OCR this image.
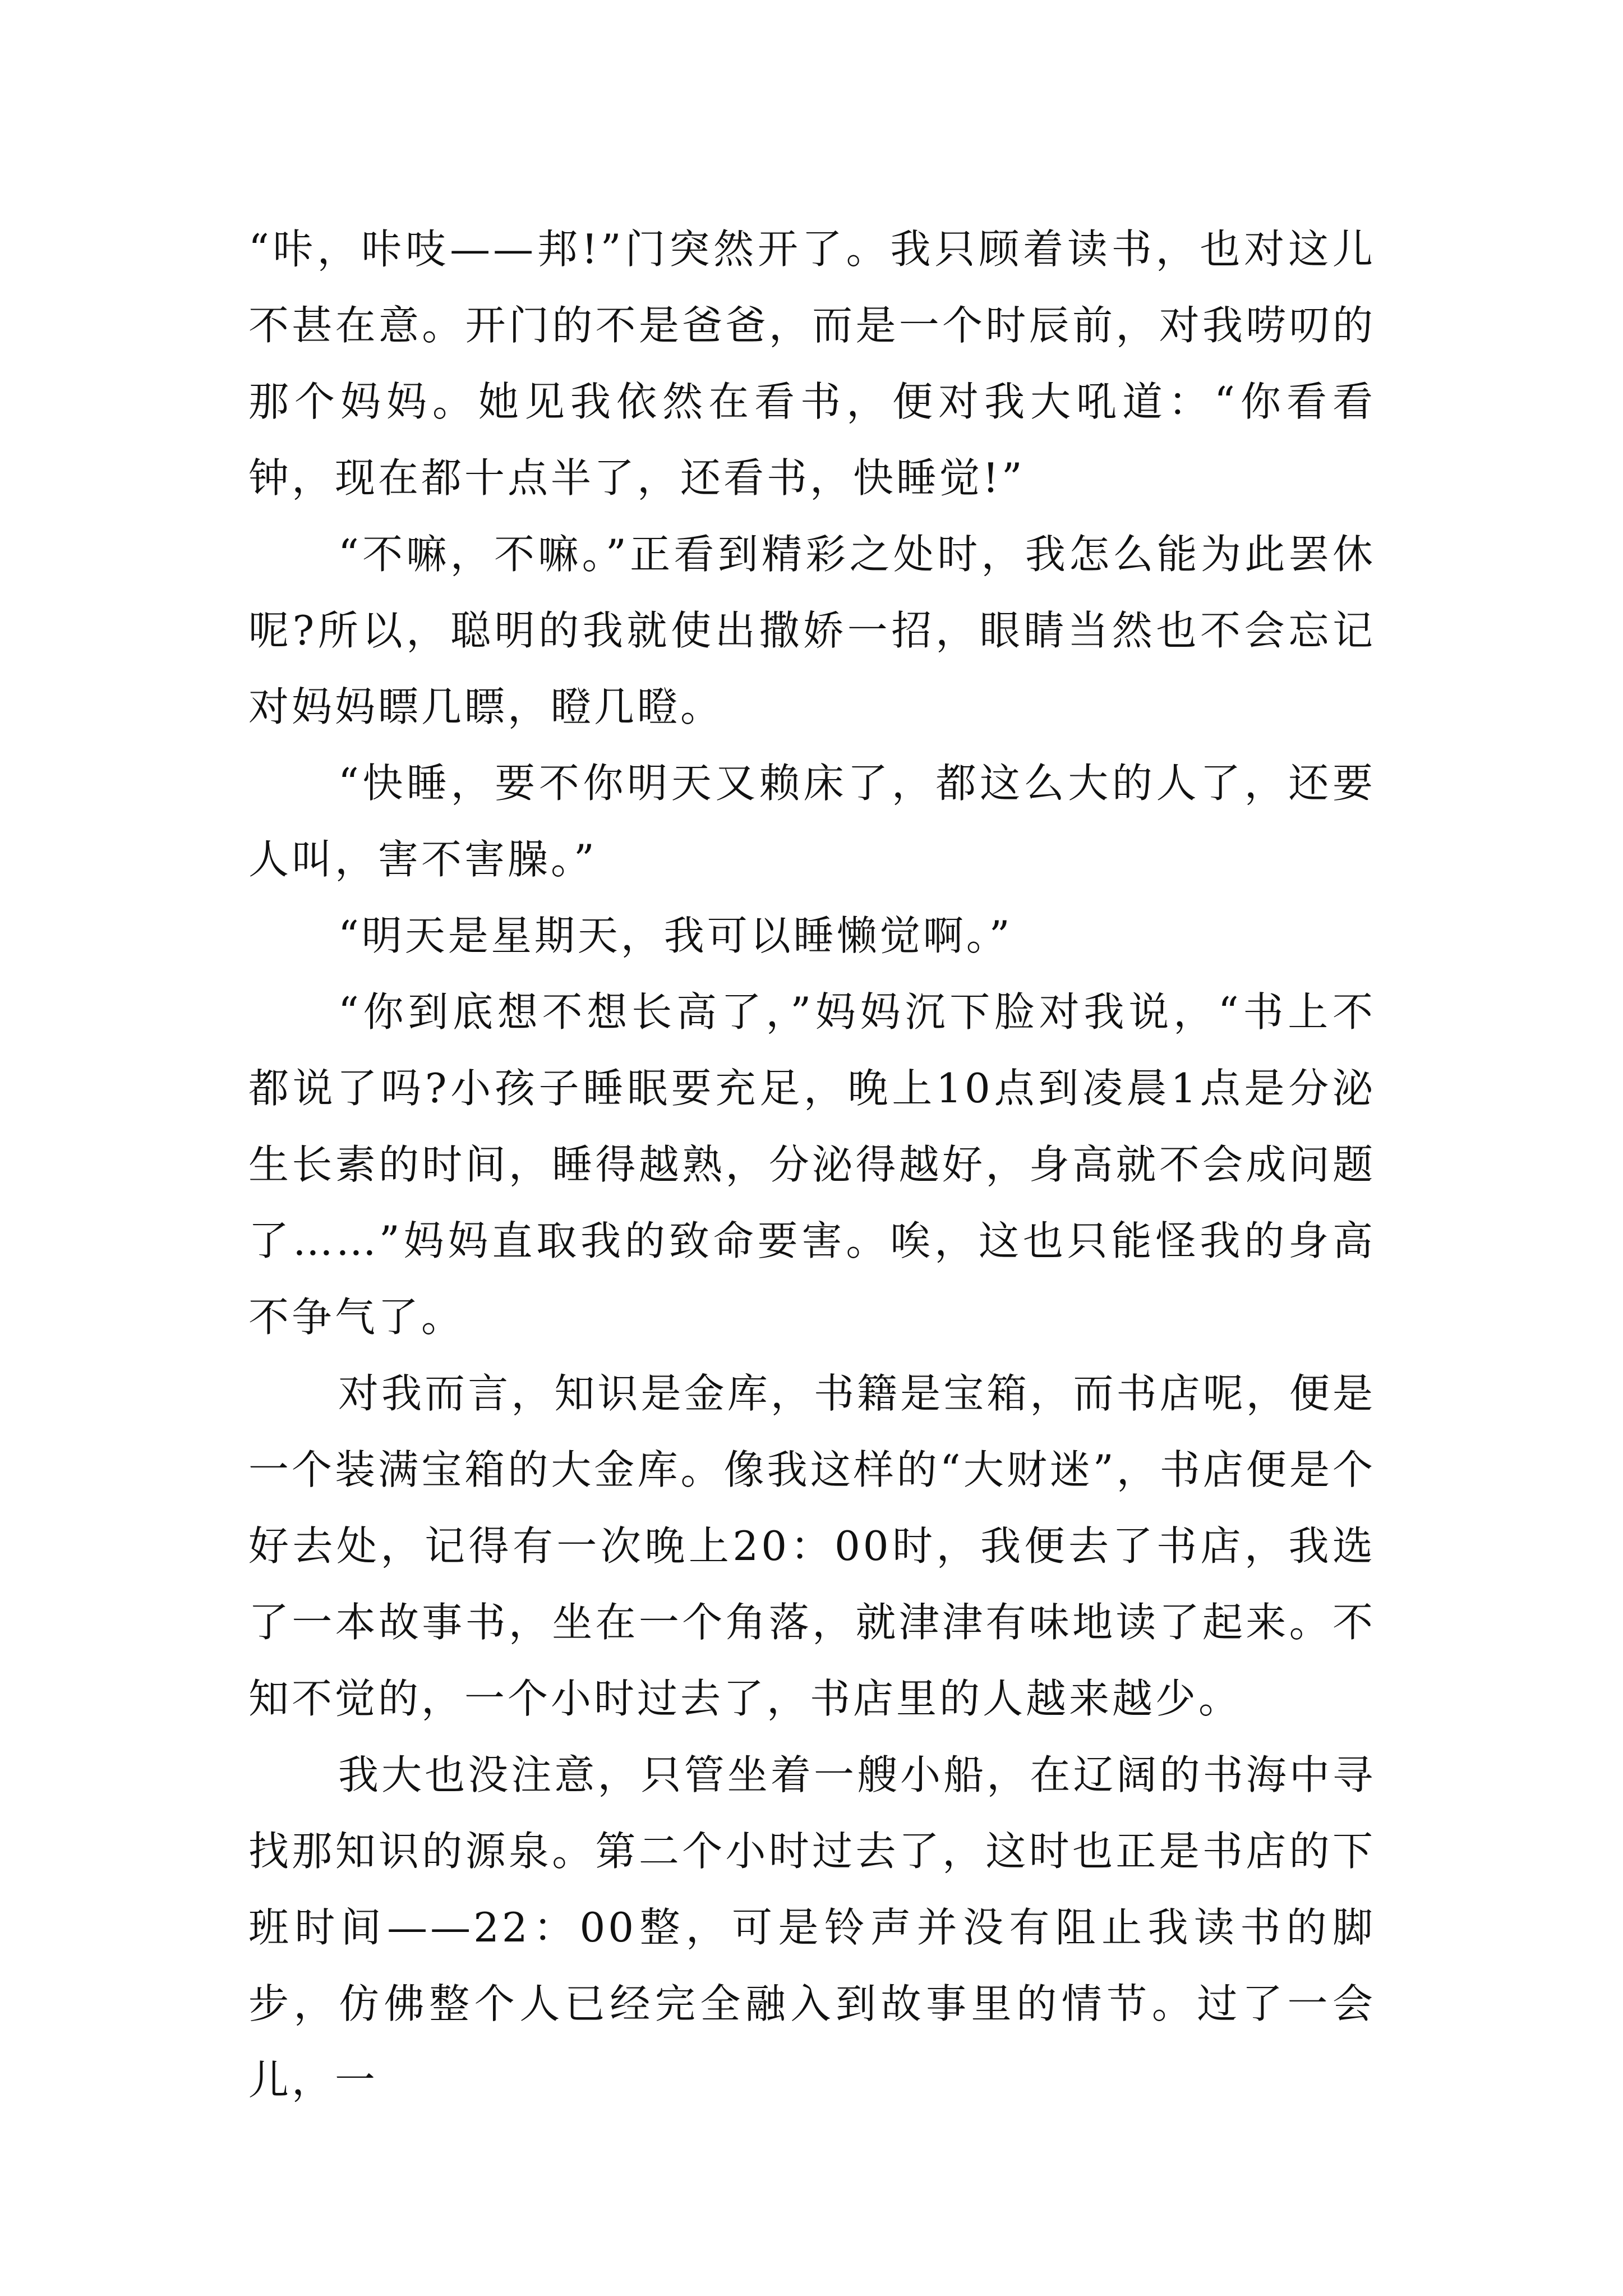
“咔，咔吱——邦!”门突然开了。我只顾着读书，也对这儿不甚在意。开门的不是爸爸，而是一个时辰前，对我唠叨的那个妈妈。她见我依然在看书，便对我大吼道：“你看看钟，现在都十点半了，还看书，快睡觉!”

“不嘛，不嘛。”正看到精彩之处时，我怎么能为此罢休呢?所以，聪明的我就使出撒娇一招，眼睛当然也不会忘记对妈妈瞟几瞟，瞪几瞪。

“快睡，要不你明天又赖床了，都这么大的人了，还要人叫，害不害臊。”

“明天是星期天，我可以睡懒觉啊。”

“你到底想不想长高了，”妈妈沉下脸对我说，“书上不都说了吗?小孩子睡眠要充足，晚上10点到凌晨1点是分泌生长素的时间，睡得越熟，分泌得越好，身高就不会成问题了……”妈妈直取我的致命要害。唉，这也只能怪我的身高不争气了。

对我而言，知识是金库，书籍是宝箱，而书店呢，便是一个装满宝箱的大金库。像我这样的“大财迷”，书店便是个好去处，记得有一次晚上20：00时，我便去了书店，我选了一本故事书，坐在一个角落，就津津有味地读了起来。不知不觉的，一个小时过去了，书店里的人越来越少。

我大也没注意，只管坐着一艘小船，在辽阔的书海中寻找那知识的源泉。第二个小时过去了，这时也正是书店的下班时间——22：00整，可是铃声并没有阻止我读书的脚步，仿佛整个人已经完全融入到故事里的情节。过了一会儿，一
